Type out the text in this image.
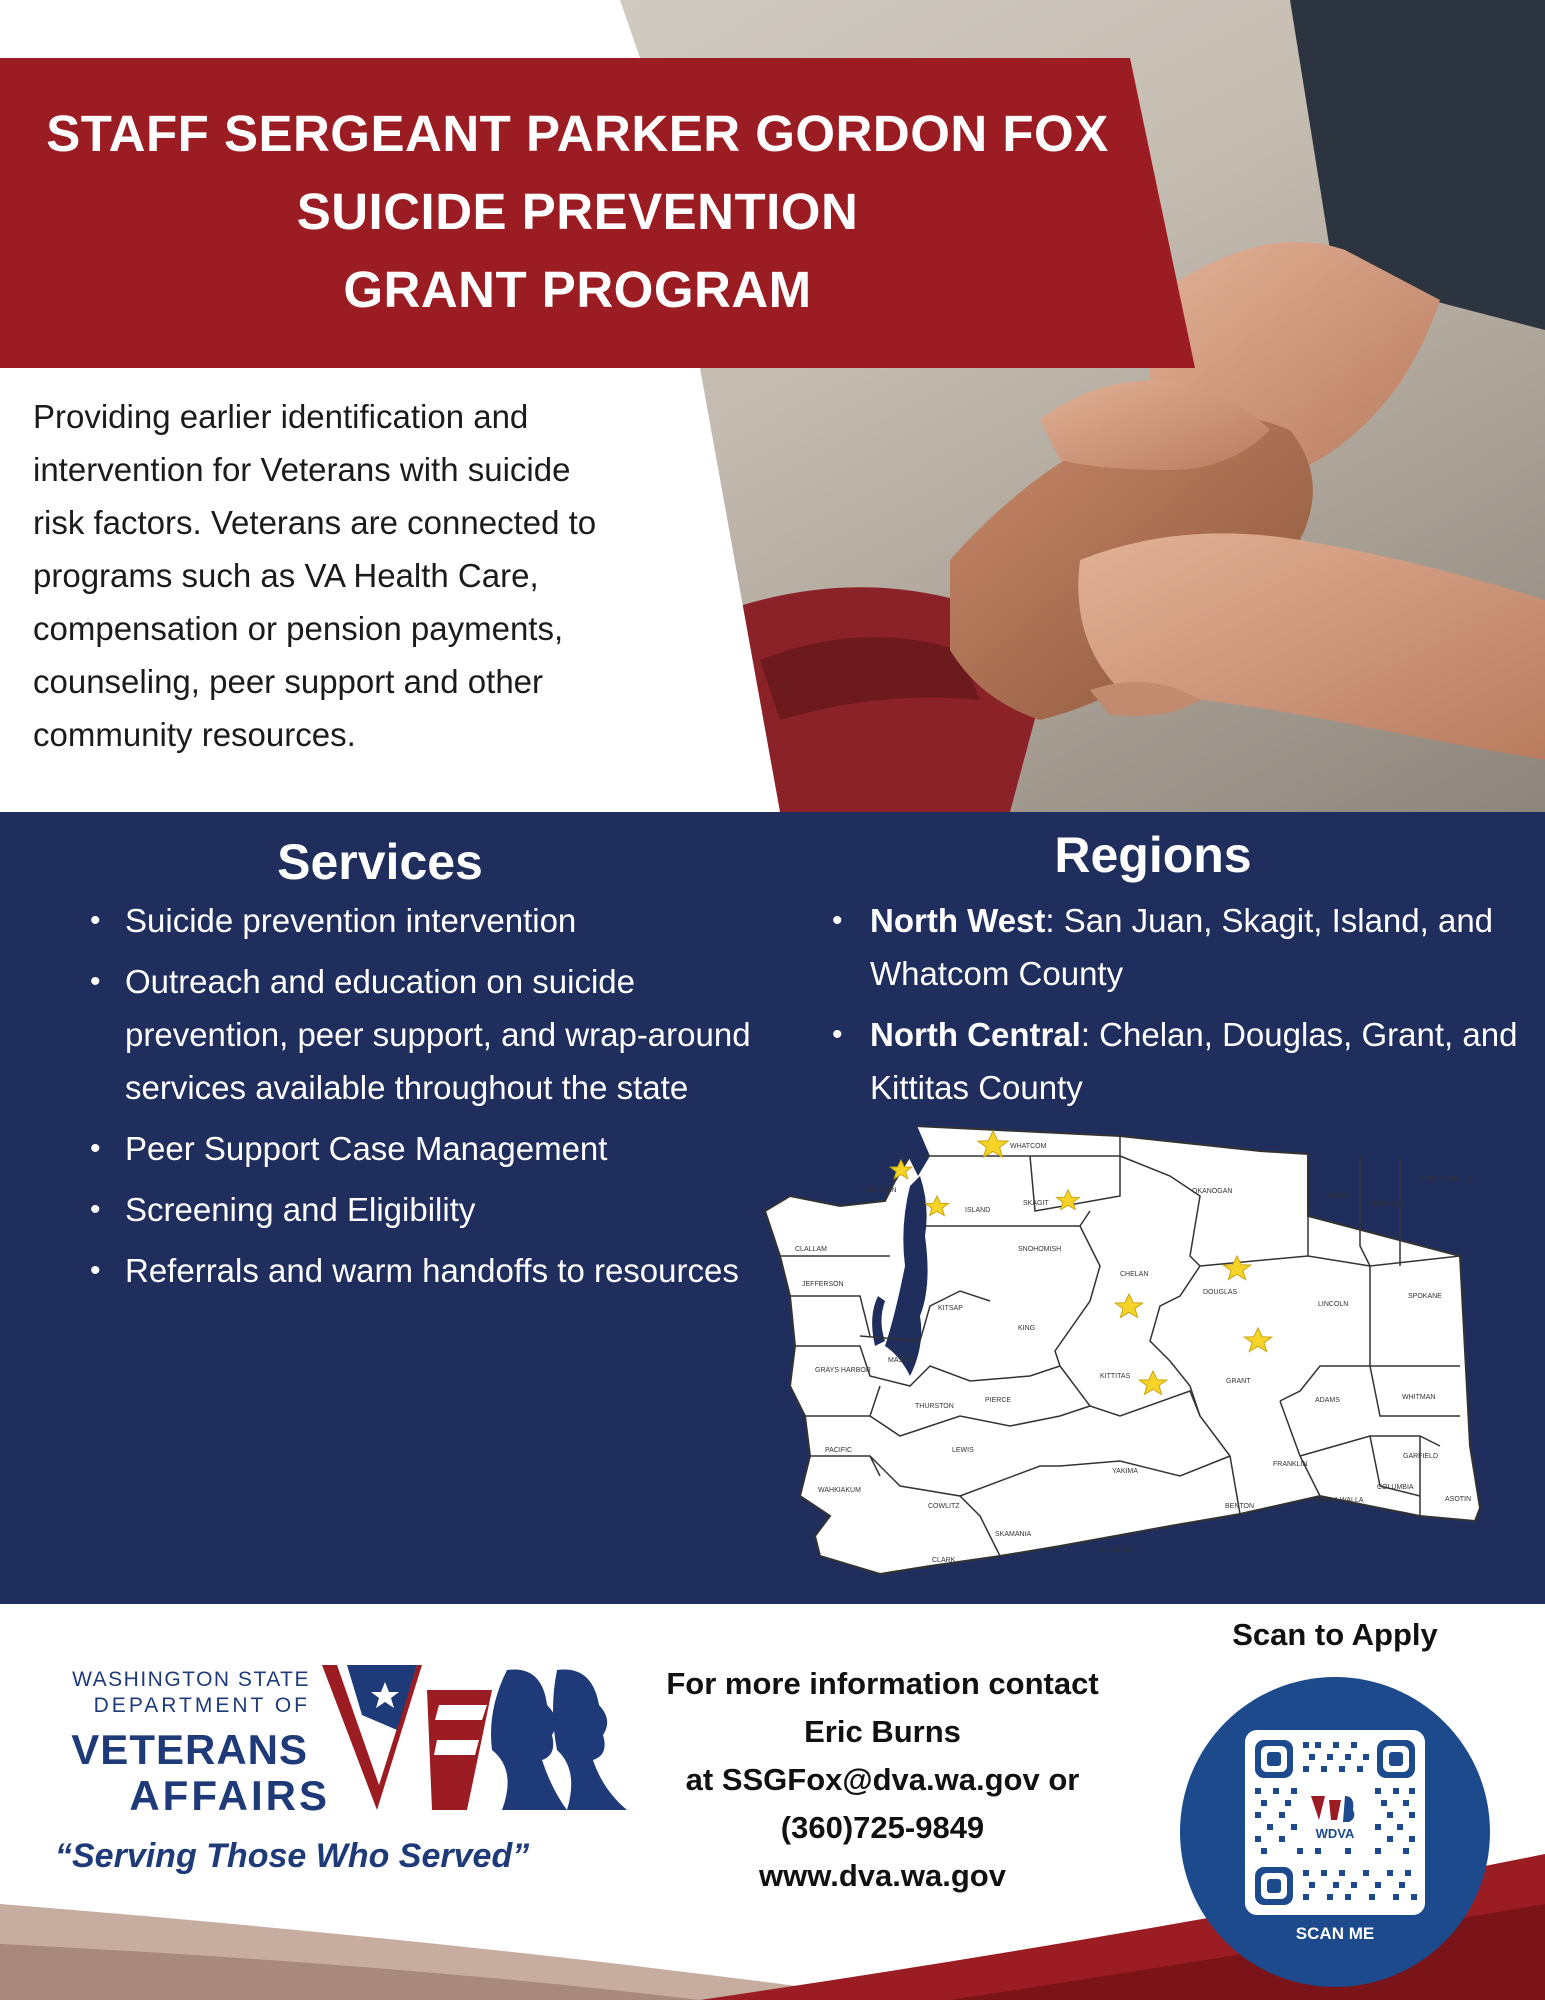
STAFF SERGEANT PARKER GORDON FOX
SUICIDE PREVENTION
GRANT PROGRAM
Providing earlier identification and
intervention for Veterans with suicide
risk factors. Veterans are connected to
programs such as VA Health Care,
compensation or pension payments,
counseling, peer support and other
community resources.
Services	Regions
• Suicide prevention intervention
• Outreach and education on suicide prevention, peer support, and wrap-around services available throughout the state
• Peer Support Case Management
• Screening and Eligibility
• Referrals and warm handoffs to resources
• North West: San Juan, Skagit, Island, and Whatcom County
• North Central: Chelan, Douglas, Grant, and Kittitas County
WHATCOM
SAN JUAN
SKAGIT
ISLAND
OKANOGAN
FERRY
STEVENS
PEND OREILLE
CLALLAM	SNOHOMISH
CHELAN
DOUGLAS
JEFFERSON
KITSAP
LINCOLN
SPOKANE
KING
MASON
GRAYS HARBOR
KITTITAS
GRANT
THURSTON
PIERCE	ADAMS	WHITMAN
PACIFIC	LEWIS
YAKIMA
FRANKLIN
GARFIELD
WAHKIAKUM	COLUMBIA
BENTON
WALLA WALLA	ASOTIN
COWLITZ
SKAMANIA
KLICKITAT
CLARK
WASHINGTON STATE
DEPARTMENT OF
VETERANS
AFFAIRS
“Serving Those Who Served”
For more information contact
Eric Burns
at SSGFox@dva.wa.gov or
(360)725-9849
www.dva.wa.gov
Scan to Apply
WDVA
SCAN ME
